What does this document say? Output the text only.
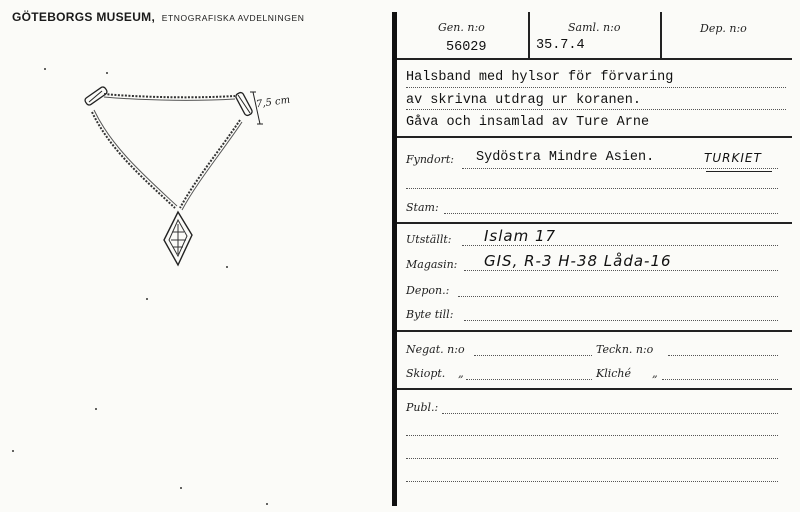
GÖTEBORGS MUSEUM, ETNOGRAFISKA AVDELNINGEN
7,5 cm
Gen. n:o	Saml. n:o	Dep. n:o
56029	35.7.4
Halsband med hylsor för förvaring
av skrivna utdrag ur koranen.
Gåva och insamlad av Ture Arne
Fyndort: Sydöstra Mindre Asien.	TURKIET
Stam:
Utställt: Islam 17
Magasin: GIS, R-3 H-38 Låda-16
Depon.:
Byte till:
Negat. n:o	Teckn. n:o
Skiopt. „	Kliché „
Publ.:
